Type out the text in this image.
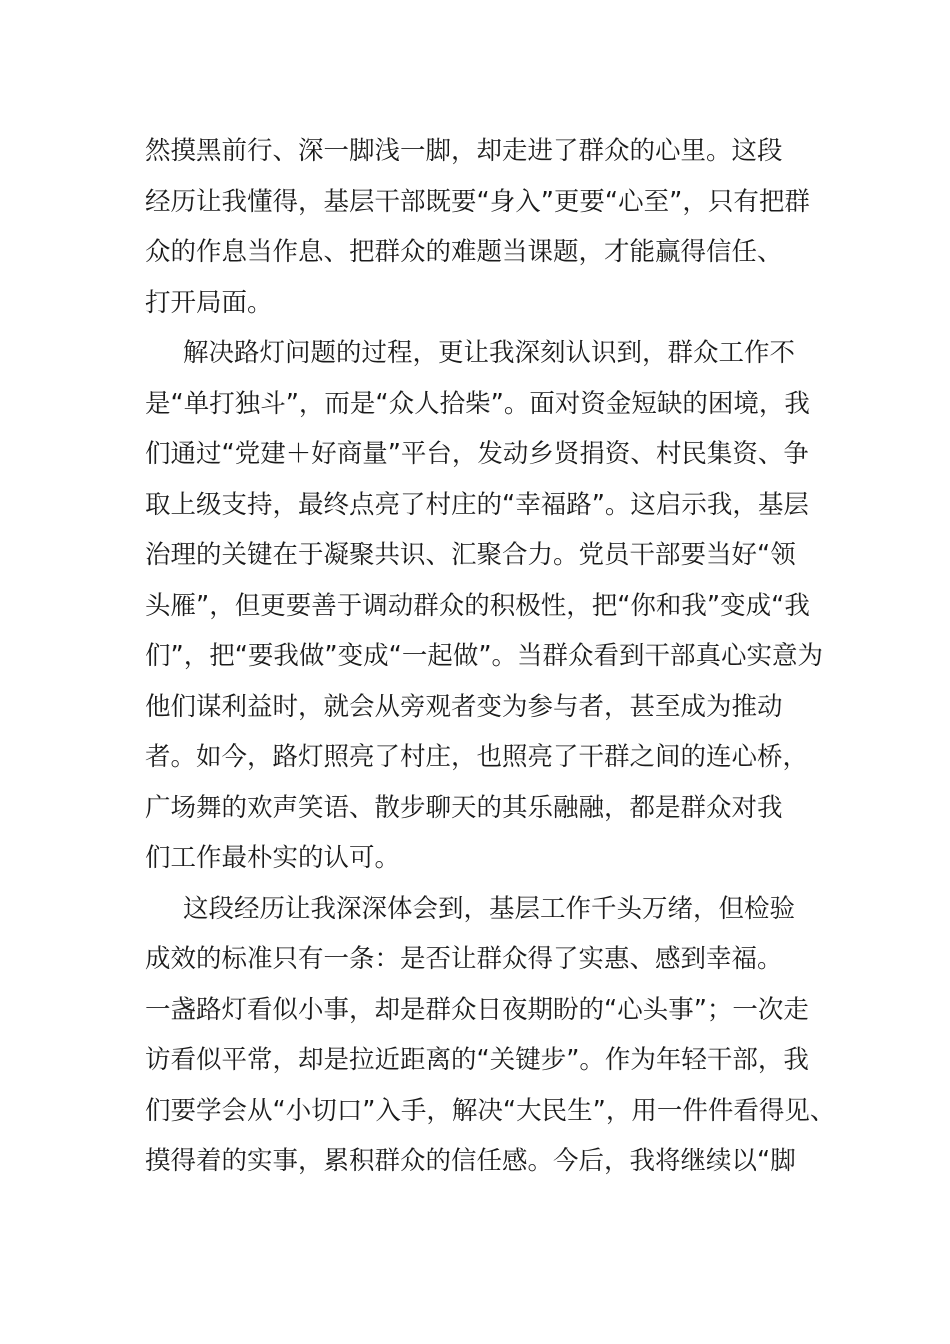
然摸黑前行、深一脚浅一脚，却走进了群众的心里。这段

经历让我懂得，基层干部既要“身入”更要“心至”，只有把群

众的作息当作息、把群众的难题当课题，才能赢得信任、

打开局面。

解决路灯问题的过程，更让我深刻认识到，群众工作不

是“单打独斗”，而是“众人拾柴”。面对资金短缺的困境，我

们通过“党建＋好商量”平台，发动乡贤捐资、村民集资、争

取上级支持，最终点亮了村庄的“幸福路”。这启示我，基层

治理的关键在于凝聚共识、汇聚合力。党员干部要当好“领

头雁”，但更要善于调动群众的积极性，把“你和我”变成“我

们”，把“要我做”变成“一起做”。当群众看到干部真心实意为

他们谋利益时，就会从旁观者变为参与者，甚至成为推动

者。如今，路灯照亮了村庄，也照亮了干群之间的连心桥，

广场舞的欢声笑语、散步聊天的其乐融融，都是群众对我

们工作最朴实的认可。

这段经历让我深深体会到，基层工作千头万绪，但检验

成效的标准只有一条：是否让群众得了实惠、感到幸福。

一盏路灯看似小事，却是群众日夜期盼的“心头事”；一次走

访看似平常，却是拉近距离的“关键步”。作为年轻干部，我

们要学会从“小切口”入手，解决“大民生”，用一件件看得见、

摸得着的实事，累积群众的信任感。今后，我将继续以“脚
